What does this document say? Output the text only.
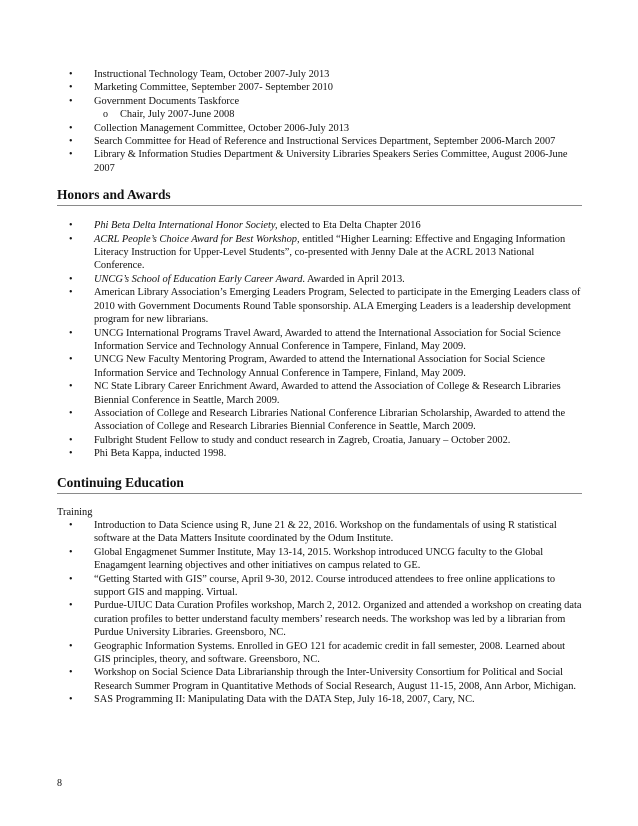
• Instructional Technology Team, October 2007-July 2013
• Marketing Committee, September 2007- September 2010
• Government Documents Taskforce
o Chair, July 2007-June 2008
• Collection Management Committee, October 2006-July 2013
• Search Committee for Head of Reference and Instructional Services Department, September 2006-March 2007
• Library & Information Studies Department & University Libraries Speakers Series Committee, August 2006-June 2007
Honors and Awards
• Phi Beta Delta International Honor Society, elected to Eta Delta Chapter 2016
• ACRL People’s Choice Award for Best Workshop, entitled “Higher Learning: Effective and Engaging Information Literacy Instruction for Upper-Level Students”, co-presented with Jenny Dale at the ACRL 2013 National Conference.
• UNCG’s School of Education Early Career Award. Awarded in April 2013.
• American Library Association’s Emerging Leaders Program, Selected to participate in the Emerging Leaders class of 2010 with Government Documents Round Table sponsorship. ALA Emerging Leaders is a leadership development program for new librarians.
• UNCG International Programs Travel Award, Awarded to attend the International Association for Social Science Information Service and Technology Annual Conference in Tampere, Finland, May 2009.
• UNCG New Faculty Mentoring Program, Awarded to attend the International Association for Social Science Information Service and Technology Annual Conference in Tampere, Finland, May 2009.
• NC State Library Career Enrichment Award, Awarded to attend the Association of College & Research Libraries Biennial Conference in Seattle, March 2009.
• Association of College and Research Libraries National Conference Librarian Scholarship, Awarded to attend the Association of College and Research Libraries Biennial Conference in Seattle, March 2009.
• Fulbright Student Fellow to study and conduct research in Zagreb, Croatia, January – October 2002.
• Phi Beta Kappa, inducted 1998.
Continuing Education
Training
• Introduction to Data Science using R, June 21 & 22, 2016. Workshop on the fundamentals of using R statistical software at the Data Matters Insitute coordinated by the Odum Institute.
• Global Engagmenet Summer Institute, May 13-14, 2015. Workshop introduced UNCG faculty to the Global Enagamgent learning objectives and other initiatives on campus related to GE.
• “Getting Started with GIS” course, April 9-30, 2012. Course introduced attendees to free online applications to support GIS and mapping. Virtual.
• Purdue-UIUC Data Curation Profiles workshop, March 2, 2012. Organized and attended a workshop on creating data curation profiles to better understand faculty members’ research needs. The workshop was led by a librarian from Purdue University Libraries. Greensboro, NC.
• Geographic Information Systems. Enrolled in GEO 121 for academic credit in fall semester, 2008. Learned about GIS principles, theory, and software. Greensboro, NC.
• Workshop on Social Science Data Librarianship through the Inter-University Consortium for Political and Social Research Summer Program in Quantitative Methods of Social Research, August 11-15, 2008, Ann Arbor, Michigan.
• SAS Programming II: Manipulating Data with the DATA Step, July 16-18, 2007, Cary, NC.
8
